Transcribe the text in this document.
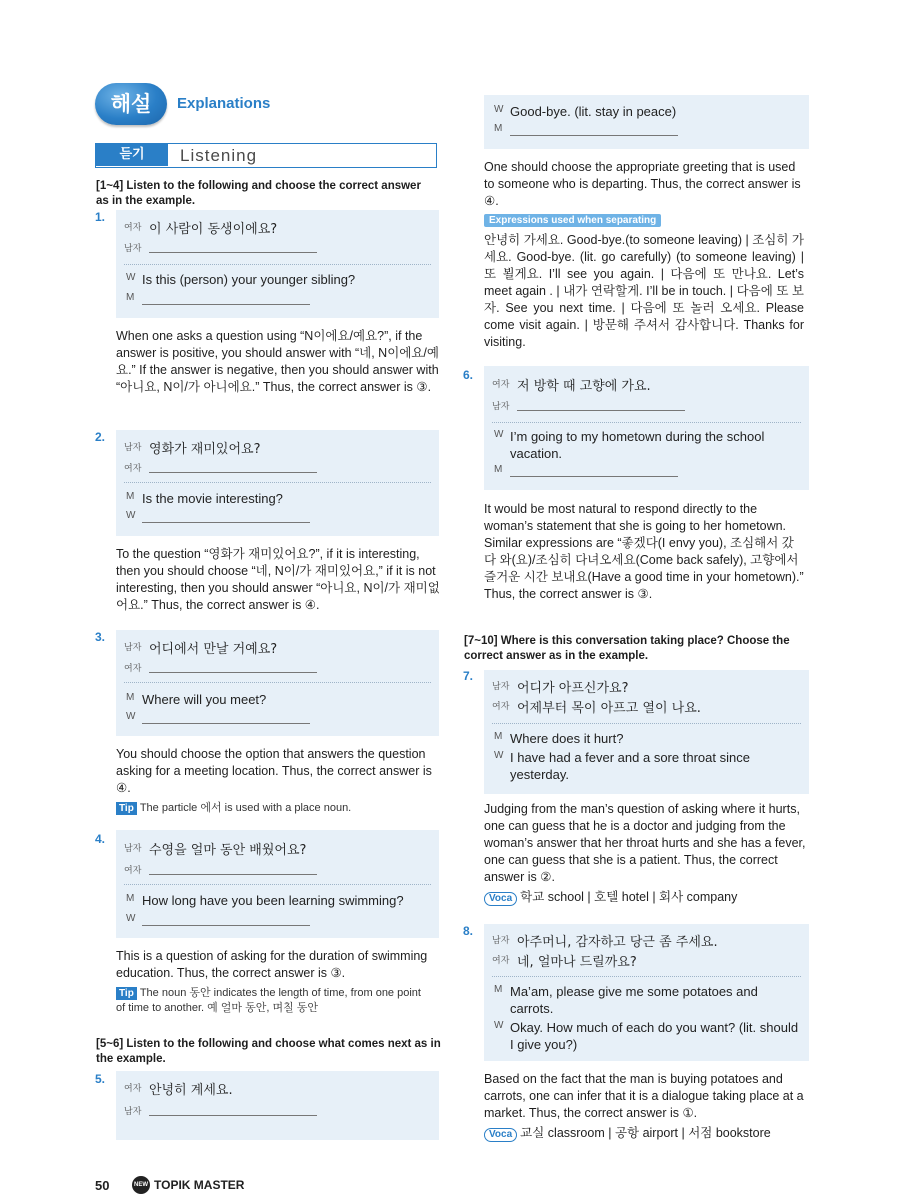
해설	Explanations
듣기	Listening
[1~4] Listen to the following and choose the correct answer as in the example.
1.
여자 이 사람이 동생이에요?
남자
W Is this (person) your younger sibling?
M
When one asks a question using “N이에요/예요?”, if the answer is positive, you should answer with “네, N이에요/예요.” If the answer is negative, then you should answer with “아니요, N이/가 아니에요.” Thus, the correct answer is ③.
2.
남자 영화가 재미있어요?
여자
M Is the movie interesting?
W
To the question “영화가 재미있어요?”, if it is interesting, then you should choose “네, N이/가 재미있어요,” if it is not interesting, then you should answer “아니요, N이/가 재미없어요.” Thus, the correct answer is ④.
3.
남자 어디에서 만날 거예요?
여자
M Where will you meet?
W
You should choose the option that answers the question asking for a meeting location. Thus, the correct answer is ④.
Tip The particle 에서 is used with a place noun.
4.
남자 수영을 얼마 동안 배웠어요?
여자
M How long have you been learning swimming?
W
This is a question of asking for the duration of swimming education. Thus, the correct answer is ③.
Tip The noun 동안 indicates the length of time, from one point of time to another. 예 얼마 동안, 며칠 동안
[5~6] Listen to the following and choose what comes next as in the example.
5.
여자 안녕히 계세요.
남자
50	NEW TOPIK MASTER
W Good-bye. (lit. stay in peace)
M
One should choose the appropriate greeting that is used to someone who is departing. Thus, the correct answer is ④.
Expressions used when separating
안녕히 가세요. Good-bye.(to someone leaving) | 조심히 가세요. Good-bye. (lit. go carefully) (to someone leaving) | 또 뵐게요. I’ll see you again. | 다음에 또 만나요. Let’s meet again . | 내가 연락할게. I’ll be in touch. | 다음에 또 보자. See you next time. | 다음에 또 놀러 오세요. Please come visit again. | 방문해 주셔서 감사합니다. Thanks for visiting.
6.
여자 저 방학 때 고향에 가요.
남자
W I’m going to my hometown during the school vacation.
M
It would be most natural to respond directly to the woman’s statement that she is going to her hometown. Similar expressions are “좋겠다(I envy you), 조심해서 갔다 와(요)/조심히 다녀오세요(Come back safely), 고향에서 즐거운 시간 보내요(Have a good time in your hometown).” Thus, the correct answer is ③.
[7~10] Where is this conversation taking place? Choose the correct answer as in the example.
7.
남자 어디가 아프신가요?
여자 어제부터 목이 아프고 열이 나요.
M Where does it hurt?
W I have had a fever and a sore throat since yesterday.
Judging from the man’s question of asking where it hurts, one can guess that he is a doctor and judging from the woman’s answer that her throat hurts and she has a fever, one can guess that she is a patient. Thus, the correct answer is ②.
Voca 학교 school | 호텔 hotel | 회사 company
8.
남자 아주머니, 감자하고 당근 좀 주세요.
여자 네, 얼마나 드릴까요?
M Ma’am, please give me some potatoes and carrots.
W Okay. How much of each do you want? (lit. should I give you?)
Based on the fact that the man is buying potatoes and carrots, one can infer that it is a dialogue taking place at a market. Thus, the correct answer is ①.
Voca 교실 classroom | 공항 airport | 서점 bookstore
